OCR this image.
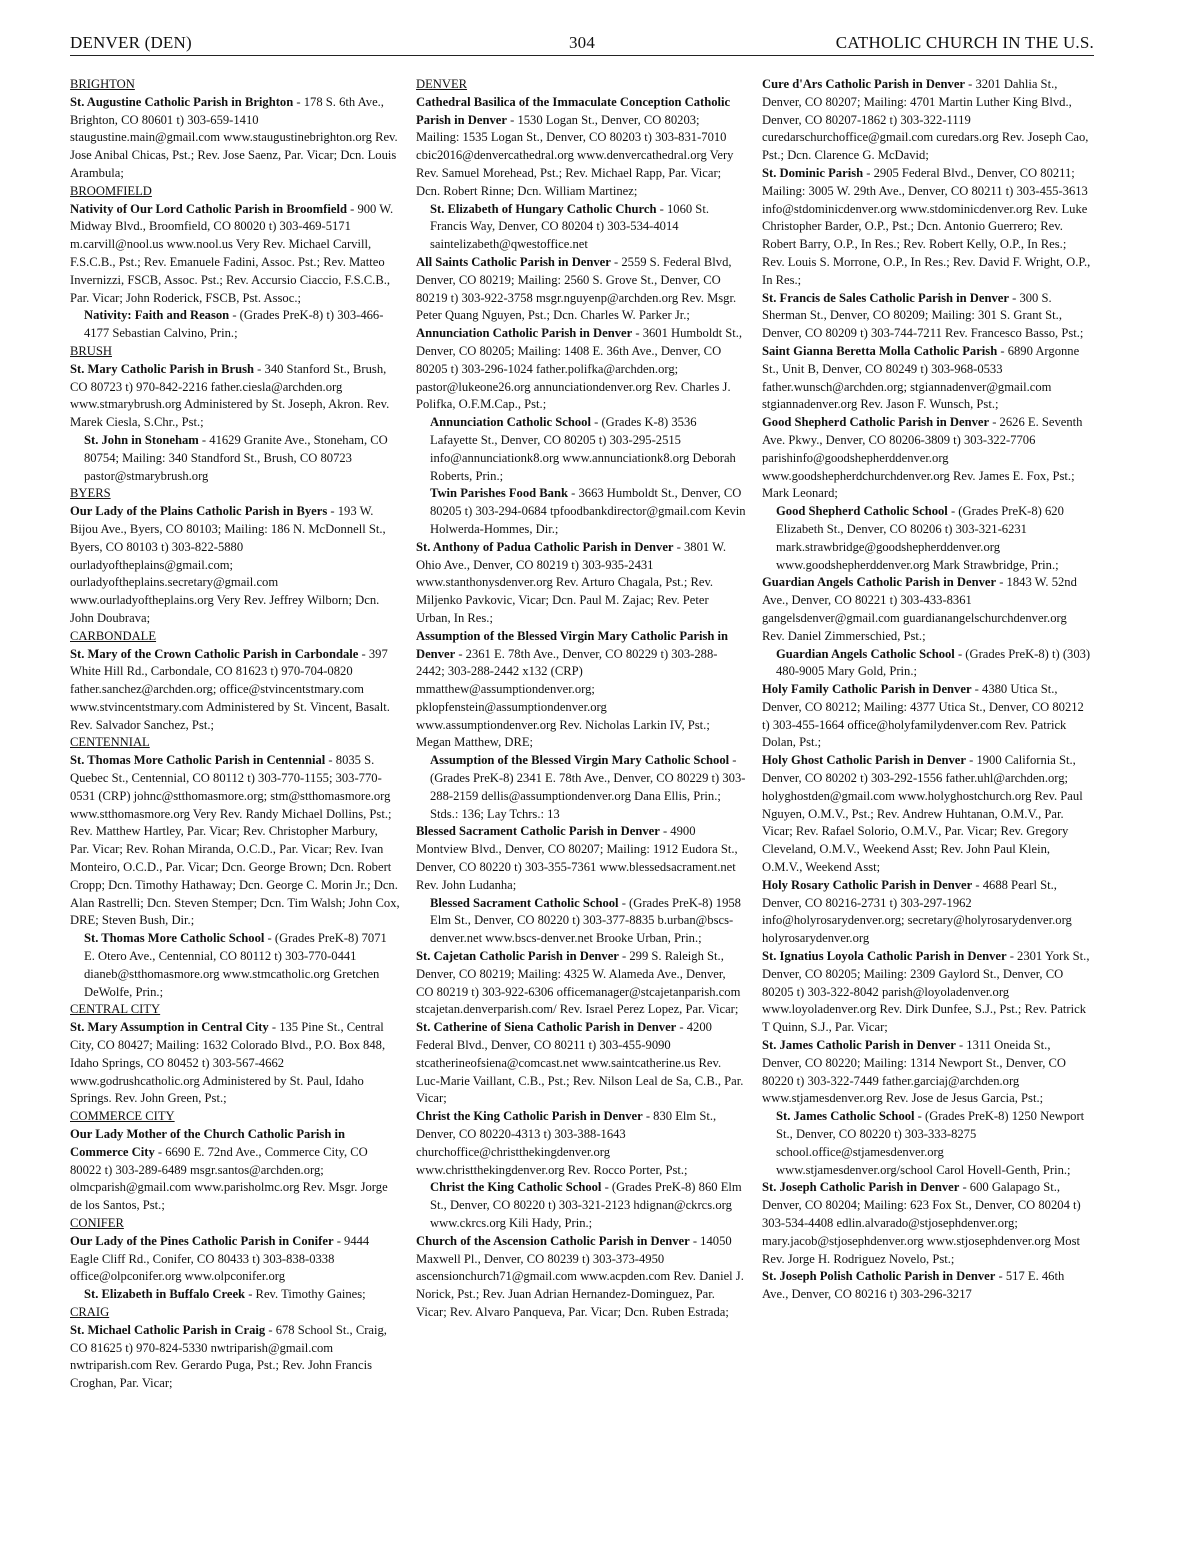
DENVER (DEN)	304	CATHOLIC CHURCH IN THE U.S.
BRIGHTON
St. Augustine Catholic Parish in Brighton - 178 S. 6th Ave., Brighton, CO 80601 t) 303-659-1410 staugustine.main@gmail.com www.staugustinebrighton.org Rev. Jose Anibal Chicas, Pst.; Rev. Jose Saenz, Par. Vicar; Dcn. Louis Arambula;
BROOMFIELD
Nativity of Our Lord Catholic Parish in Broomfield - 900 W. Midway Blvd., Broomfield, CO 80020 t) 303-469-5171 m.carvill@nool.us www.nool.us Very Rev. Michael Carvill, F.S.C.B., Pst.; Rev. Emanuele Fadini, Assoc. Pst.; Rev. Matteo Invernizzi, FSCB, Assoc. Pst.; Rev. Accursio Ciaccio, F.S.C.B., Par. Vicar; John Roderick, FSCB, Pst. Assoc.;
Nativity: Faith and Reason - (Grades PreK-8) t) 303-466-4177 Sebastian Calvino, Prin.;
BRUSH
St. Mary Catholic Parish in Brush - 340 Stanford St., Brush, CO 80723 t) 970-842-2216 father.ciesla@archden.org www.stmarybrush.org Administered by St. Joseph, Akron. Rev. Marek Ciesla, S.Chr., Pst.;
St. John in Stoneham - 41629 Granite Ave., Stoneham, CO 80754; Mailing: 340 Standford St., Brush, CO 80723 pastor@stmarybrush.org
BYERS
Our Lady of the Plains Catholic Parish in Byers - 193 W. Bijou Ave., Byers, CO 80103; Mailing: 186 N. McDonnell St., Byers, CO 80103 t) 303-822-5880 ourladyoftheplains@gmail.com; ourladyoftheplains.secretary@gmail.com www.ourladyoftheplains.org Very Rev. Jeffrey Wilborn; Dcn. John Doubrava;
CARBONDALE
St. Mary of the Crown Catholic Parish in Carbondale - 397 White Hill Rd., Carbondale, CO 81623 t) 970-704-0820 father.sanchez@archden.org; office@stvincentstmary.com www.stvincentstmary.com Administered by St. Vincent, Basalt. Rev. Salvador Sanchez, Pst.;
CENTENNIAL
St. Thomas More Catholic Parish in Centennial - 8035 S. Quebec St., Centennial, CO 80112 t) 303-770-1155; 303-770-0531 (CRP) johnc@stthomasmore.org; stm@stthomasmore.org www.stthomasmore.org Very Rev. Randy Michael Dollins, Pst.; Rev. Matthew Hartley, Par. Vicar; Rev. Christopher Marbury, Par. Vicar; Rev. Rohan Miranda, O.C.D., Par. Vicar; Rev. Ivan Monteiro, O.C.D., Par. Vicar; Dcn. George Brown; Dcn. Robert Cropp; Dcn. Timothy Hathaway; Dcn. George C. Morin Jr.; Dcn. Alan Rastrelli; Dcn. Steven Stemper; Dcn. Tim Walsh; John Cox, DRE; Steven Bush, Dir.;
St. Thomas More Catholic School - (Grades PreK-8) 7071 E. Otero Ave., Centennial, CO 80112 t) 303-770-0441 dianeb@stthomasmore.org www.stmcatholic.org Gretchen DeWolfe, Prin.;
CENTRAL CITY
St. Mary Assumption in Central City - 135 Pine St., Central City, CO 80427; Mailing: 1632 Colorado Blvd., P.O. Box 848, Idaho Springs, CO 80452 t) 303-567-4662 www.godrushcatholic.org Administered by St. Paul, Idaho Springs. Rev. John Green, Pst.;
COMMERCE CITY
Our Lady Mother of the Church Catholic Parish in Commerce City - 6690 E. 72nd Ave., Commerce City, CO 80022 t) 303-289-6489 msgr.santos@archden.org; olmcparish@gmail.com www.parisholmc.org Rev. Msgr. Jorge de los Santos, Pst.;
CONIFER
Our Lady of the Pines Catholic Parish in Conifer - 9444 Eagle Cliff Rd., Conifer, CO 80433 t) 303-838-0338 office@olpconifer.org www.olpconifer.org
St. Elizabeth in Buffalo Creek - Rev. Timothy Gaines;
CRAIG
St. Michael Catholic Parish in Craig - 678 School St., Craig, CO 81625 t) 970-824-5330 nwtriparish@gmail.com nwtriparish.com Rev. Gerardo Puga, Pst.; Rev. John Francis Croghan, Par. Vicar;
DENVER
Cathedral Basilica of the Immaculate Conception Catholic Parish in Denver - 1530 Logan St., Denver, CO 80203; Mailing: 1535 Logan St., Denver, CO 80203 t) 303-831-7010 cbic2016@denvercathedral.org www.denvercathedral.org Very Rev. Samuel Morehead, Pst.; Rev. Michael Rapp, Par. Vicar; Dcn. Robert Rinne; Dcn. William Martinez;
St. Elizabeth of Hungary Catholic Church - 1060 St. Francis Way, Denver, CO 80204 t) 303-534-4014 saintelizabeth@qwestoffice.net
All Saints Catholic Parish in Denver - 2559 S. Federal Blvd, Denver, CO 80219; Mailing: 2560 S. Grove St., Denver, CO 80219 t) 303-922-3758 msgr.nguyenp@archden.org Rev. Msgr. Peter Quang Nguyen, Pst.; Dcn. Charles W. Parker Jr.;
Annunciation Catholic Parish in Denver - 3601 Humboldt St., Denver, CO 80205; Mailing: 1408 E. 36th Ave., Denver, CO 80205 t) 303-296-1024 father.polifka@archden.org; pastor@lukeone26.org annunciationdenver.org Rev. Charles J. Polifka, O.F.M.Cap., Pst.;
Annunciation Catholic School - (Grades K-8) 3536 Lafayette St., Denver, CO 80205 t) 303-295-2515 info@annunciationk8.org www.annunciationk8.org Deborah Roberts, Prin.;
Twin Parishes Food Bank - 3663 Humboldt St., Denver, CO 80205 t) 303-294-0684 tpfoodbankdirector@gmail.com Kevin Holwerda-Hommes, Dir.;
St. Anthony of Padua Catholic Parish in Denver - 3801 W. Ohio Ave., Denver, CO 80219 t) 303-935-2431 www.stanthonysdenver.org Rev. Arturo Chagala, Pst.; Rev. Miljenko Pavkovic, Vicar; Dcn. Paul M. Zajac; Rev. Peter Urban, In Res.;
Assumption of the Blessed Virgin Mary Catholic Parish in Denver - 2361 E. 78th Ave., Denver, CO 80229 t) 303-288-2442; 303-288-2442 x132 (CRP) mmatthew@assumptiondenver.org; pklopfenstein@assumptiondenver.org www.assumptiondenver.org Rev. Nicholas Larkin IV, Pst.; Megan Matthew, DRE;
Assumption of the Blessed Virgin Mary Catholic School - (Grades PreK-8) 2341 E. 78th Ave., Denver, CO 80229 t) 303-288-2159 dellis@assumptiondenver.org Dana Ellis, Prin.; Stds.: 136; Lay Tchrs.: 13
Blessed Sacrament Catholic Parish in Denver - 4900 Montview Blvd., Denver, CO 80207; Mailing: 1912 Eudora St., Denver, CO 80220 t) 303-355-7361 www.blessedsacrament.net Rev. John Ludanha;
Blessed Sacrament Catholic School - (Grades PreK-8) 1958 Elm St., Denver, CO 80220 t) 303-377-8835 b.urban@bscs-denver.net www.bscs-denver.net Brooke Urban, Prin.;
St. Cajetan Catholic Parish in Denver - 299 S. Raleigh St., Denver, CO 80219; Mailing: 4325 W. Alameda Ave., Denver, CO 80219 t) 303-922-6306 officemanager@stcajetanparish.com stcajetan.denverparish.com/ Rev. Israel Perez Lopez, Par. Vicar;
St. Catherine of Siena Catholic Parish in Denver - 4200 Federal Blvd., Denver, CO 80211 t) 303-455-9090 stcatherineofsiena@comcast.net www.saintcatherine.us Rev. Luc-Marie Vaillant, C.B., Pst.; Rev. Nilson Leal de Sa, C.B., Par. Vicar;
Christ the King Catholic Parish in Denver - 830 Elm St., Denver, CO 80220-4313 t) 303-388-1643 churchoffice@christthekingdenver.org www.christthekingdenver.org Rev. Rocco Porter, Pst.;
Christ the King Catholic School - (Grades PreK-8) 860 Elm St., Denver, CO 80220 t) 303-321-2123 hdignan@ckrcs.org www.ckrcs.org Kili Hady, Prin.;
Church of the Ascension Catholic Parish in Denver - 14050 Maxwell Pl., Denver, CO 80239 t) 303-373-4950 ascensionchurch71@gmail.com www.acpden.com Rev. Daniel J. Norick, Pst.; Rev. Juan Adrian Hernandez-Dominguez, Par. Vicar; Rev. Alvaro Panqueva, Par. Vicar; Dcn. Ruben Estrada;
Cure d'Ars Catholic Parish in Denver - 3201 Dahlia St., Denver, CO 80207; Mailing: 4701 Martin Luther King Blvd., Denver, CO 80207-1862 t) 303-322-1119 curedarschurchoffice@gmail.com curedars.org Rev. Joseph Cao, Pst.; Dcn. Clarence G. McDavid;
St. Dominic Parish - 2905 Federal Blvd., Denver, CO 80211; Mailing: 3005 W. 29th Ave., Denver, CO 80211 t) 303-455-3613 info@stdominicdenver.org www.stdominicdenver.org Rev. Luke Christopher Barder, O.P., Pst.; Dcn. Antonio Guerrero; Rev. Robert Barry, O.P., In Res.; Rev. Robert Kelly, O.P., In Res.; Rev. Louis S. Morrone, O.P., In Res.; Rev. David F. Wright, O.P., In Res.;
St. Francis de Sales Catholic Parish in Denver - 300 S. Sherman St., Denver, CO 80209; Mailing: 301 S. Grant St., Denver, CO 80209 t) 303-744-7211 Rev. Francesco Basso, Pst.;
Saint Gianna Beretta Molla Catholic Parish - 6890 Argonne St., Unit B, Denver, CO 80249 t) 303-968-0533 father.wunsch@archden.org; stgiannadenver@gmail.com stgiannadenver.org Rev. Jason F. Wunsch, Pst.;
Good Shepherd Catholic Parish in Denver - 2626 E. Seventh Ave. Pkwy., Denver, CO 80206-3809 t) 303-322-7706 parishinfo@goodshepherddenver.org www.goodshepherdchurchdenver.org Rev. James E. Fox, Pst.; Mark Leonard;
Good Shepherd Catholic School - (Grades PreK-8) 620 Elizabeth St., Denver, CO 80206 t) 303-321-6231 mark.strawbridge@goodshepherddenver.org www.goodshepherddenver.org Mark Strawbridge, Prin.;
Guardian Angels Catholic Parish in Denver - 1843 W. 52nd Ave., Denver, CO 80221 t) 303-433-8361 gangelsdenver@gmail.com guardianangelschurchdenver.org Rev. Daniel Zimmerschied, Pst.;
Guardian Angels Catholic School - (Grades PreK-8) t) (303) 480-9005 Mary Gold, Prin.;
Holy Family Catholic Parish in Denver - 4380 Utica St., Denver, CO 80212; Mailing: 4377 Utica St., Denver, CO 80212 t) 303-455-1664 office@holyfamilydenver.com Rev. Patrick Dolan, Pst.;
Holy Ghost Catholic Parish in Denver - 1900 California St., Denver, CO 80202 t) 303-292-1556 father.uhl@archden.org; holyghostden@gmail.com www.holyghostchurch.org Rev. Paul Nguyen, O.M.V., Pst.; Rev. Andrew Huhtanan, O.M.V., Par. Vicar; Rev. Rafael Solorio, O.M.V., Par. Vicar; Rev. Gregory Cleveland, O.M.V., Weekend Asst; Rev. John Paul Klein, O.M.V., Weekend Asst;
Holy Rosary Catholic Parish in Denver - 4688 Pearl St., Denver, CO 80216-2731 t) 303-297-1962 info@holyrosarydenver.org; secretary@holyrosarydenver.org holyrosarydenver.org
St. Ignatius Loyola Catholic Parish in Denver - 2301 York St., Denver, CO 80205; Mailing: 2309 Gaylord St., Denver, CO 80205 t) 303-322-8042 parish@loyoladenver.org www.loyoladenver.org Rev. Dirk Dunfee, S.J., Pst.; Rev. Patrick T Quinn, S.J., Par. Vicar;
St. James Catholic Parish in Denver - 1311 Oneida St., Denver, CO 80220; Mailing: 1314 Newport St., Denver, CO 80220 t) 303-322-7449 father.garciaj@archden.org www.stjamesdenver.org Rev. Jose de Jesus Garcia, Pst.;
St. James Catholic School - (Grades PreK-8) 1250 Newport St., Denver, CO 80220 t) 303-333-8275 school.office@stjamesdenver.org www.stjamesdenver.org/school Carol Hovell-Genth, Prin.;
St. Joseph Catholic Parish in Denver - 600 Galapago St., Denver, CO 80204; Mailing: 623 Fox St., Denver, CO 80204 t) 303-534-4408 edlin.alvarado@stjosephdenver.org; mary.jacob@stjosephdenver.org www.stjosephdenver.org Most Rev. Jorge H. Rodriguez Novelo, Pst.;
St. Joseph Polish Catholic Parish in Denver - 517 E. 46th Ave., Denver, CO 80216 t) 303-296-3217
